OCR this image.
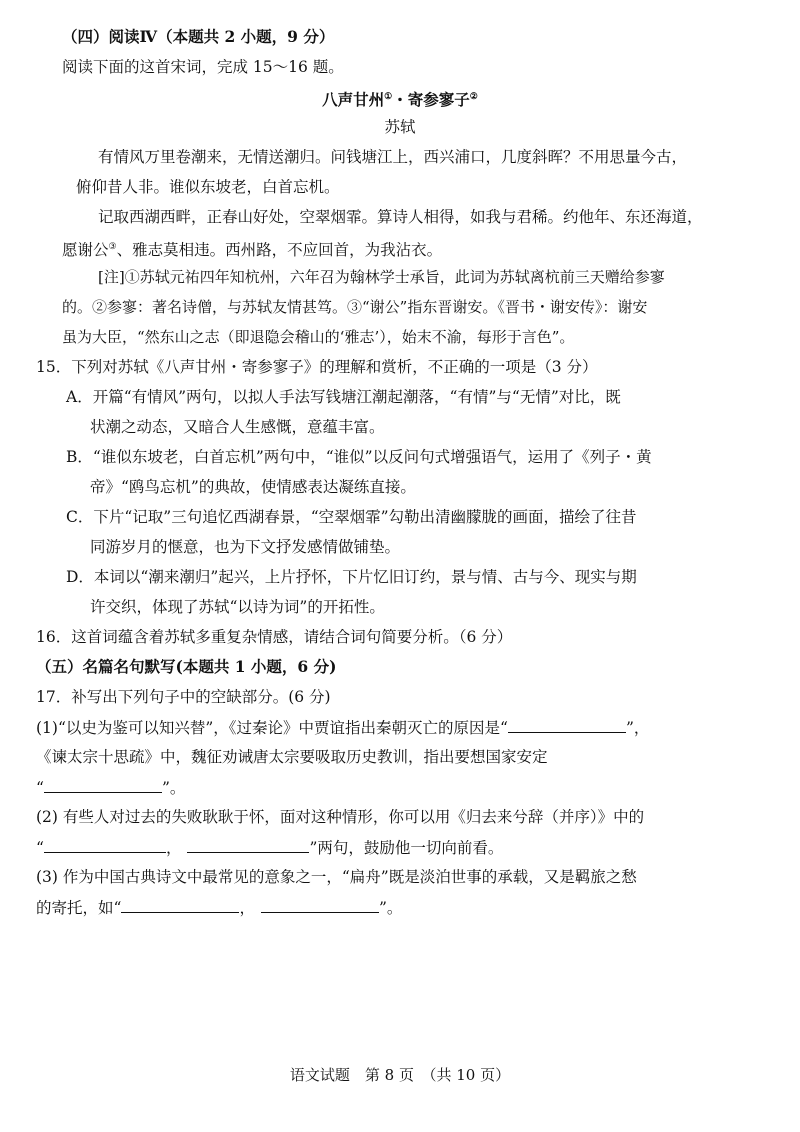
（四）阅读Ⅳ（本题共 2 小题，9 分）
阅读下面的这首宋词，完成 15～16 题。
八声甘州①・寄参寥子②
苏轼
有情风万里卷潮来，无情送潮归。问钱塘江上，西兴浦口，几度斜晖？不用思量今古，
俯仰昔人非。谁似东坡老，白首忘机。
记取西湖西畔，正春山好处，空翠烟霏。算诗人相得，如我与君稀。约他年、东还海道，
愿谢公③、雅志莫相违。西州路，不应回首，为我沾衣。
[注]①苏轼元祐四年知杭州，六年召为翰林学士承旨，此词为苏轼离杭前三天赠给参寥
的。②参寥：著名诗僧，与苏轼友情甚笃。③“谢公”指东晋谢安。《晋书・谢安传》：谢安
虽为大臣，“然东山之志（即退隐会稽山的‘雅志’），始末不渝，每形于言色”。
15．下列对苏轼《八声甘州・寄参寥子》的理解和赏析，不正确的一项是（3 分）
A．开篇“有情风”两句，以拟人手法写钱塘江潮起潮落，“有情”与“无情”对比，既
状潮之动态，又暗合人生感慨，意蕴丰富。
B．“谁似东坡老，白首忘机”两句中，“谁似”以反问句式增强语气，运用了《列子・黄
帝》“鸥鸟忘机”的典故，使情感表达凝练直接。
C．下片“记取”三句追忆西湖春景，“空翠烟霏”勾勒出清幽朦胧的画面，描绘了往昔
同游岁月的惬意，也为下文抒发感情做铺垫。
D．本词以“潮来潮归”起兴，上片抒怀，下片忆旧订约，景与情、古与今、现实与期
许交织，体现了苏轼“以诗为词”的开拓性。
16．这首词蕴含着苏轼多重复杂情感，请结合词句简要分析。（6 分）
（五）名篇名句默写(本题共 1 小题，6 分)
17．补写出下列句子中的空缺部分。(6 分)
(1)“以史为鉴可以知兴替”，《过秦论》中贾谊指出秦朝灭亡的原因是“	”，
《谏太宗十思疏》中，魏征劝诫唐太宗要吸取历史教训，指出要想国家安定
“	”。
(2) 有些人对过去的失败耿耿于怀，面对这种情形，你可以用《归去来兮辞（并序）》中的
“	，	”两句，鼓励他一切向前看。
(3) 作为中国古典诗文中最常见的意象之一，“扁舟”既是淡泊世事的承载，又是羁旅之愁
的寄托，如“	，	”。
语文试题　第 8 页　（共 10 页）
